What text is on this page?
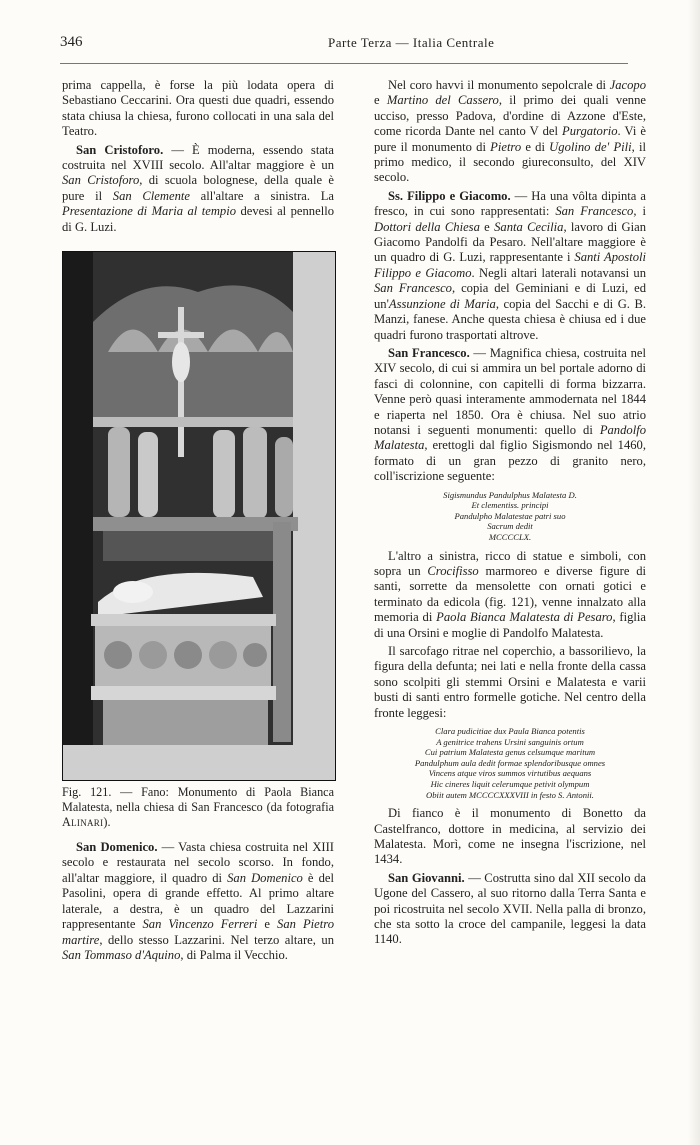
346	Parte Terza — Italia Centrale

prima cappella, è forse la più lodata opera di Sebastiano Ceccarini. Ora questi due quadri, essendo stata chiusa la chiesa, furono collocati in una sala del Teatro.

San Cristoforo. — È moderna, essendo stata costruita nel XVIII secolo. All'altar maggiore è un San Cristoforo, di scuola bolognese, della quale è pure il San Clemente all'altare a sinistra. La Presentazione di Maria al tempio devesi al pennello di G. Luzi.

Fig. 121. — Fano: Monumento di Paola Bianca Malatesta, nella chiesa di San Francesco (da fotografia Alinari).

San Domenico. — Vasta chiesa costruita nel XIII secolo e restaurata nel secolo scorso. In fondo, all'altar maggiore, il quadro di San Domenico è del Pasolini, opera di grande effetto. Al primo altare laterale, a destra, è un quadro del Lazzarini rappresentante San Vincenzo Ferreri e San Pietro martire, dello stesso Lazzarini. Nel terzo altare, un San Tommaso d'Aquino, di Palma il Vecchio.

Nel coro havvi il monumento sepolcrale di Jacopo e Martino del Cassero, il primo dei quali venne ucciso, presso Padova, d'ordine di Azzone d'Este, come ricorda Dante nel canto V del Purgatorio. Vi è pure il monumento di Pietro e di Ugolino de' Pili, il primo medico, il secondo giureconsulto, del XIV secolo.

Ss. Filippo e Giacomo. — Ha una vôlta dipinta a fresco, in cui sono rappresentati: San Francesco, i Dottori della Chiesa e Santa Cecilia, lavoro di Gian Giacomo Pandolfi da Pesaro. Nell'altare maggiore è un quadro di G. Luzi, rappresentante i Santi Apostoli Filippo e Giacomo. Negli altari laterali notavansi un San Francesco, copia del Geminiani e di Luzi, ed un'Assunzione di Maria, copia del Sacchi e di G. B. Manzi, fanese. Anche questa chiesa è chiusa ed i due quadri furono trasportati altrove.

San Francesco. — Magnifica chiesa, costruita nel XIV secolo, di cui si ammira un bel portale adorno di fasci di colonnine, con capitelli di forma bizzarra. Venne però quasi interamente ammodernata nel 1844 e riaperta nel 1850. Ora è chiusa. Nel suo atrio notansi i seguenti monumenti: quello di Pandolfo Malatesta, erettogli dal figlio Sigismondo nel 1460, formato di un gran pezzo di granito nero, coll'iscrizione seguente:

Sigismundus Pandulphus Malatesta D.
Et clementiss. principi
Pandulpho Malatestae patri suo
Sacrum dedit
MCCCCLX.

L'altro a sinistra, ricco di statue e simboli, con sopra un Crocifisso marmoreo e diverse figure di santi, sorrette da mensolette con ornati gotici e terminato da edicola (fig. 121), venne innalzato alla memoria di Paola Bianca Malatesta di Pesaro, figlia di una Orsini e moglie di Pandolfo Malatesta.

Il sarcofago ritrae nel coperchio, a bassorilievo, la figura della defunta; nei lati e nella fronte della cassa sono scolpiti gli stemmi Orsini e Malatesta e varii busti di santi entro formelle gotiche. Nel centro della fronte leggesi:

Clara pudicitiae dux Paula Bianca potentis
A genitrice trahens Ursini sanguinis ortum
Cui patrium Malatesta genus celsumque maritum
Pandulphum aula dedit formae splendoribusque omnes
Vincens atque viros summos virtutibus aequans
Hic cineres liquit celerumque petivit olympum
Obiit autem MCCCCXXXVIII in festo S. Antonii.

Di fianco è il monumento di Bonetto da Castelfranco, dottore in medicina, al servizio dei Malatesta. Morì, come ne insegna l'iscrizione, nel 1434.

San Giovanni. — Costrutta sino dal XII secolo da Ugone del Cassero, al suo ritorno dalla Terra Santa e poi ricostruita nel secolo XVII. Nella palla di bronzo, che sta sotto la croce del campanile, leggesi la data 1140.
